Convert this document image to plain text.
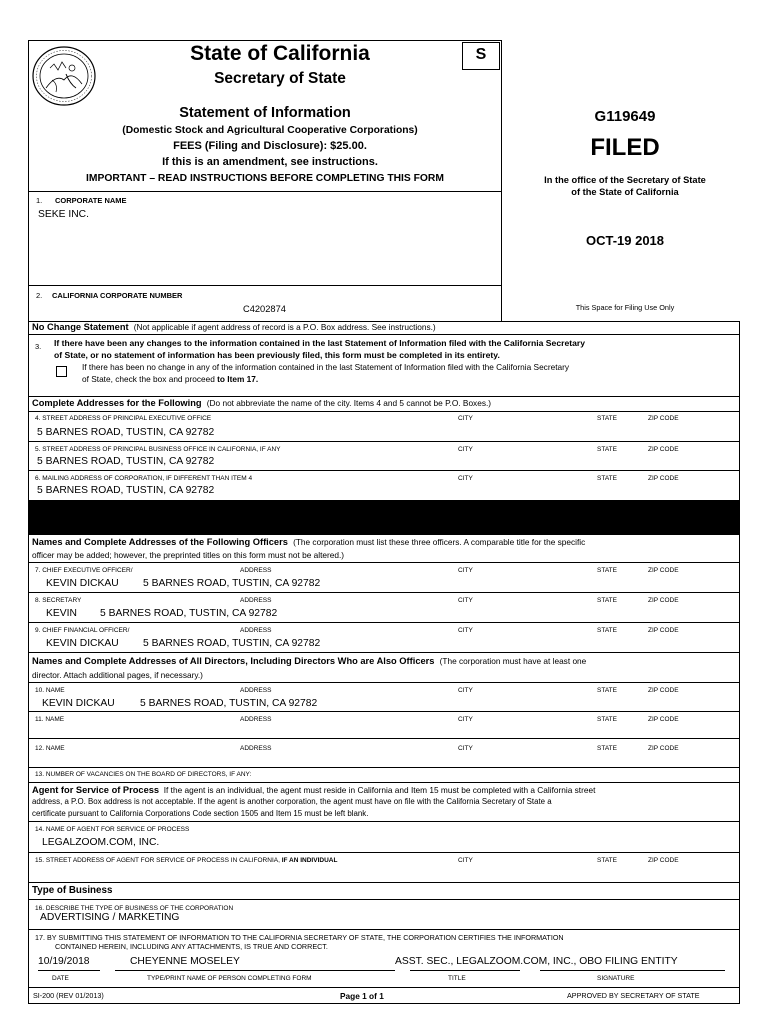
State of California	S
Secretary of State
Statement of Information
(Domestic Stock and Agricultural Cooperative Corporations)
FEES (Filing and Disclosure): $25.00.
If this is an amendment, see instructions.
IMPORTANT – READ INSTRUCTIONS BEFORE COMPLETING THIS FORM
G119649
FILED
In the office of the Secretary of State
of the State of California
OCT-19 2018
This Space for Filing Use Only
1. CORPORATE NAME
SEKE INC.
2. CALIFORNIA CORPORATE NUMBER
C4202874
No Change Statement (Not applicable if agent address of record is a P.O. Box address. See instructions.)
3. If there have been any changes to the information contained in the last Statement of Information filed with the California Secretary
of State, or no statement of information has been previously filed, this form must be completed in its entirety.
If there has been no change in any of the information contained in the last Statement of Information filed with the California Secretary
of State, check the box and proceed to Item 17.
Complete Addresses for the Following (Do not abbreviate the name of the city. Items 4 and 5 cannot be P.O. Boxes.)
4. STREET ADDRESS OF PRINCIPAL EXECUTIVE OFFICE	CITY	STATE	ZIP CODE
5 BARNES ROAD, TUSTIN, CA 92782
5. STREET ADDRESS OF PRINCIPAL BUSINESS OFFICE IN CALIFORNIA, IF ANY	CITY	STATE	ZIP CODE
5 BARNES ROAD, TUSTIN, CA 92782
6. MAILING ADDRESS OF CORPORATION, IF DIFFERENT THAN ITEM 4	CITY	STATE	ZIP CODE
5 BARNES ROAD, TUSTIN, CA 92782
Names and Complete Addresses of the Following Officers (The corporation must list these three officers. A comparable title for the specific
officer may be added; however, the preprinted titles on this form must not be altered.)
7. CHIEF EXECUTIVE OFFICER/	ADDRESS	CITY	STATE	ZIP CODE
KEVIN DICKAU 5 BARNES ROAD, TUSTIN, CA 92782
8. SECRETARY	ADDRESS	CITY	STATE	ZIP CODE
KEVIN 5 BARNES ROAD, TUSTIN, CA 92782
9. CHIEF FINANCIAL OFFICER/	ADDRESS	CITY	STATE	ZIP CODE
KEVIN DICKAU 5 BARNES ROAD, TUSTIN, CA 92782
Names and Complete Addresses of All Directors, Including Directors Who are Also Officers (The corporation must have at least one
director. Attach additional pages, if necessary.)
10. NAME	ADDRESS	CITY	STATE	ZIP CODE
KEVIN DICKAU 5 BARNES ROAD, TUSTIN, CA 92782
11. NAME	ADDRESS	CITY	STATE	ZIP CODE
12. NAME	ADDRESS	CITY	STATE	ZIP CODE
13. NUMBER OF VACANCIES ON THE BOARD OF DIRECTORS, IF ANY:
Agent for Service of Process If the agent is an individual, the agent must reside in California and Item 15 must be completed with a California street
address, a P.O. Box address is not acceptable. If the agent is another corporation, the agent must have on file with the California Secretary of State a
certificate pursuant to California Corporations Code section 1505 and Item 15 must be left blank.
14. NAME OF AGENT FOR SERVICE OF PROCESS
LEGALZOOM.COM, INC.
15. STREET ADDRESS OF AGENT FOR SERVICE OF PROCESS IN CALIFORNIA, IF AN INDIVIDUAL	CITY	STATE	ZIP CODE
Type of Business
16. DESCRIBE THE TYPE OF BUSINESS OF THE CORPORATION
ADVERTISING / MARKETING
17. BY SUBMITTING THIS STATEMENT OF INFORMATION TO THE CALIFORNIA SECRETARY OF STATE, THE CORPORATION CERTIFIES THE INFORMATION
CONTAINED HEREIN, INCLUDING ANY ATTACHMENTS, IS TRUE AND CORRECT.
10/19/2018	CHEYENNE MOSELEY	ASST. SEC., LEGALZOOM.COM, INC., OBO FILING ENTITY
DATE	TYPE/PRINT NAME OF PERSON COMPLETING FORM	TITLE	SIGNATURE
SI-200 (REV 01/2013)	Page 1 of 1	APPROVED BY SECRETARY OF STATE
